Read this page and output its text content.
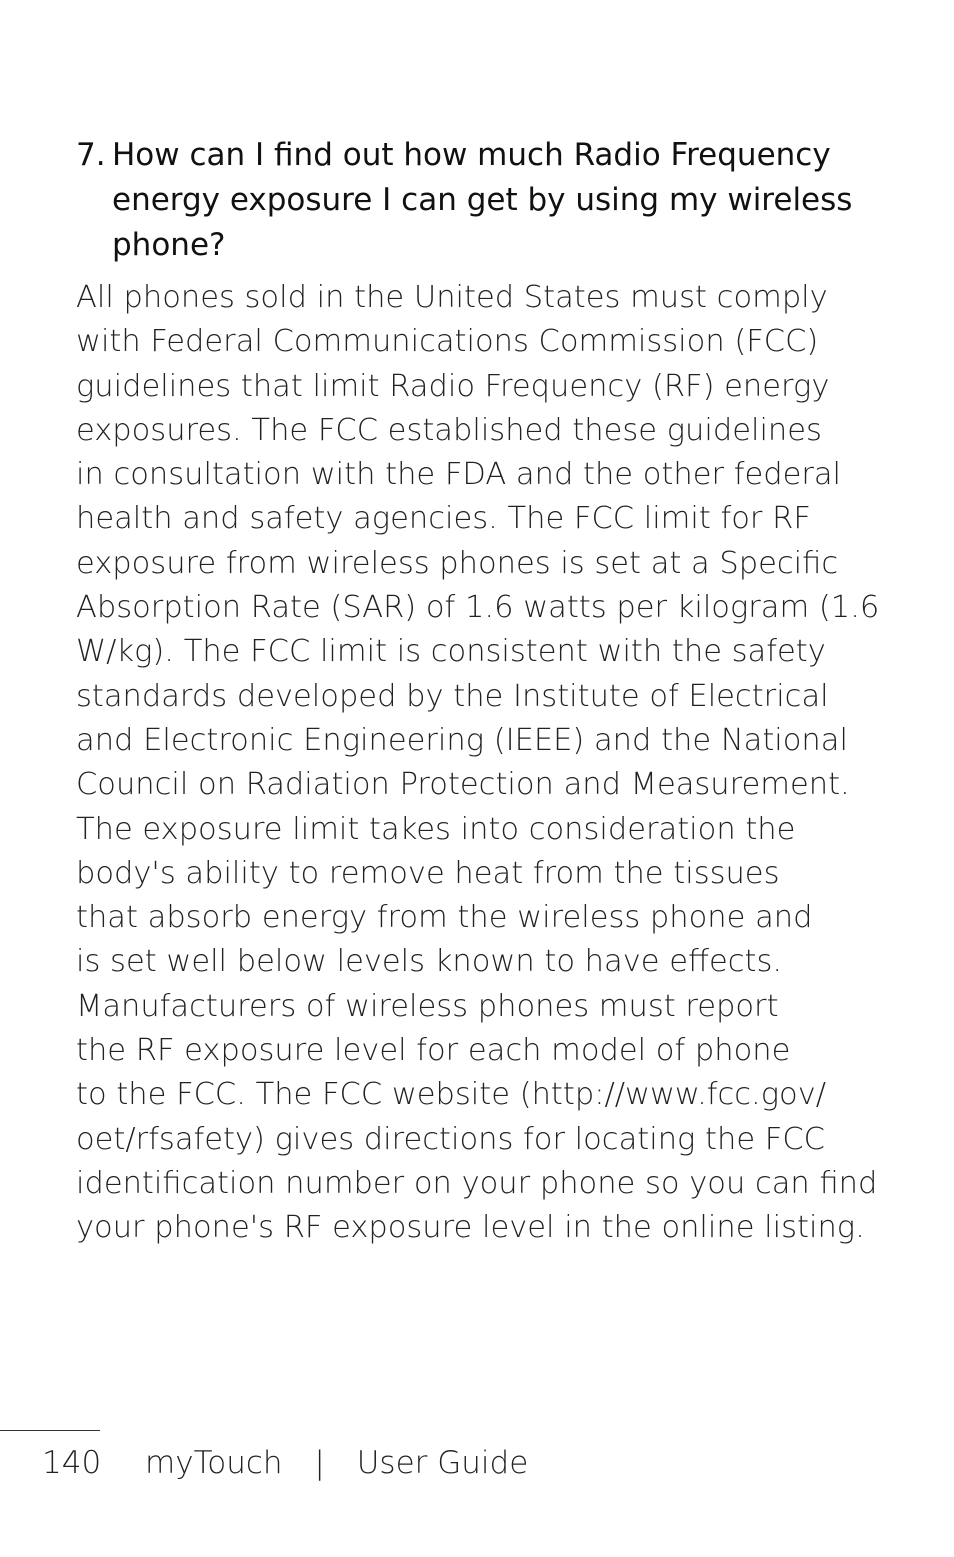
7. How can I find out how much Radio Frequency
energy exposure I can get by using my wireless
phone?
All phones sold in the United States must comply
with Federal Communications Commission (FCC)
guidelines that limit Radio Frequency (RF) energy
exposures. The FCC established these guidelines
in consultation with the FDA and the other federal
health and safety agencies. The FCC limit for RF
exposure from wireless phones is set at a Specific
Absorption Rate (SAR) of 1.6 watts per kilogram (1.6
W/kg). The FCC limit is consistent with the safety
standards developed by the Institute of Electrical
and Electronic Engineering (IEEE) and the National
Council on Radiation Protection and Measurement.
The exposure limit takes into consideration the
body's ability to remove heat from the tissues
that absorb energy from the wireless phone and
is set well below levels known to have effects.
Manufacturers of wireless phones must report
the RF exposure level for each model of phone
to the FCC. The FCC website (http://www.fcc.gov/
oet/rfsafety) gives directions for locating the FCC
identification number on your phone so you can find
your phone's RF exposure level in the online listing.
140 myTouch | User Guide
